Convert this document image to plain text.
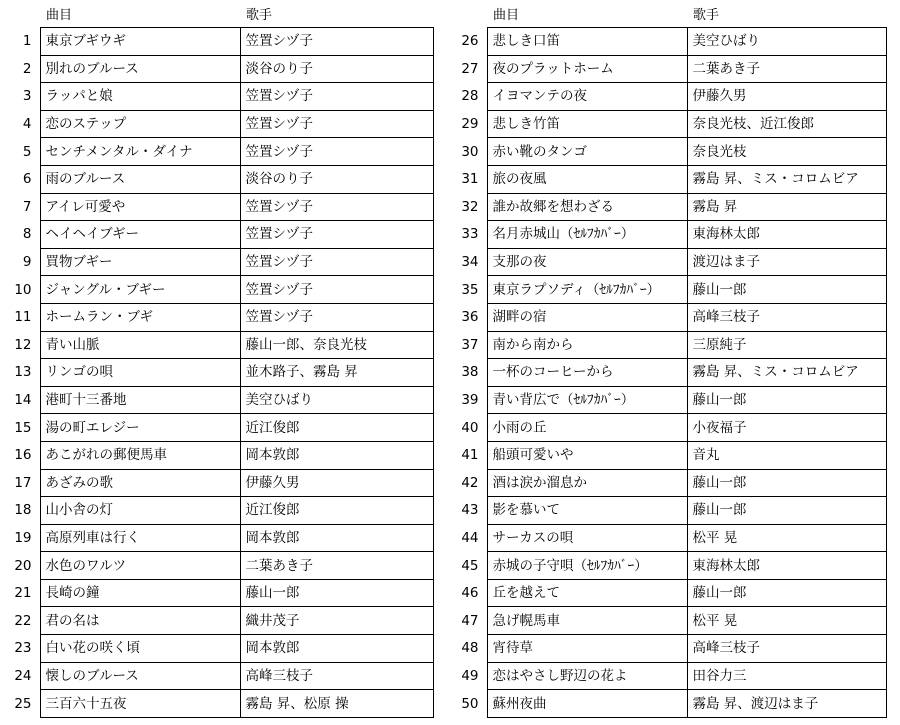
曲目	歌手
1	東京ブギウギ	笠置シヅ子
2	別れのブルース	淡谷のり子
3	ラッパと娘	笠置シヅ子
4	恋のステップ	笠置シヅ子
5	センチメンタル・ダイナ	笠置シヅ子
6	雨のブルース	淡谷のり子
7	アイレ可愛や	笠置シヅ子
8	ヘイヘイブギー	笠置シヅ子
9	買物ブギー	笠置シヅ子
10	ジャングル・ブギー	笠置シヅ子
11	ホームラン・ブギ	笠置シヅ子
12	青い山脈	藤山一郎、奈良光枝
13	リンゴの唄	並木路子、霧島 昇
14	港町十三番地	美空ひばり
15	湯の町エレジー	近江俊郎
16	あこがれの郵便馬車	岡本敦郎
17	あざみの歌	伊藤久男
18	山小舎の灯	近江俊郎
19	高原列車は行く	岡本敦郎
20	水色のワルツ	二葉あき子
21	長崎の鐘	藤山一郎
22	君の名は	織井茂子
23	白い花の咲く頃	岡本敦郎
24	懐しのブルース	高峰三枝子
25	三百六十五夜	霧島 昇、松原 操
曲目	歌手
26	悲しき口笛	美空ひばり
27	夜のプラットホーム	二葉あき子
28	イヨマンテの夜	伊藤久男
29	悲しき竹笛	奈良光枝、近江俊郎
30	赤い靴のタンゴ	奈良光枝
31	旅の夜風	霧島 昇、ミス・コロムビア
32	誰か故郷を想わざる	霧島 昇
33	名月赤城山（ｾﾙﾌｶﾊﾞｰ）	東海林太郎
34	支那の夜	渡辺はま子
35	東京ラプソディ（ｾﾙﾌｶﾊﾞｰ）	藤山一郎
36	湖畔の宿	高峰三枝子
37	南から南から	三原純子
38	一杯のコーヒーから	霧島 昇、ミス・コロムビア
39	青い背広で（ｾﾙﾌｶﾊﾞｰ）	藤山一郎
40	小雨の丘	小夜福子
41	船頭可愛いや	音丸
42	酒は涙か溜息か	藤山一郎
43	影を慕いて	藤山一郎
44	サーカスの唄	松平 晃
45	赤城の子守唄（ｾﾙﾌｶﾊﾞｰ）	東海林太郎
46	丘を越えて	藤山一郎
47	急げ幌馬車	松平 晃
48	宵待草	高峰三枝子
49	恋はやさし野辺の花よ	田谷力三
50	蘇州夜曲	霧島 昇、渡辺はま子
